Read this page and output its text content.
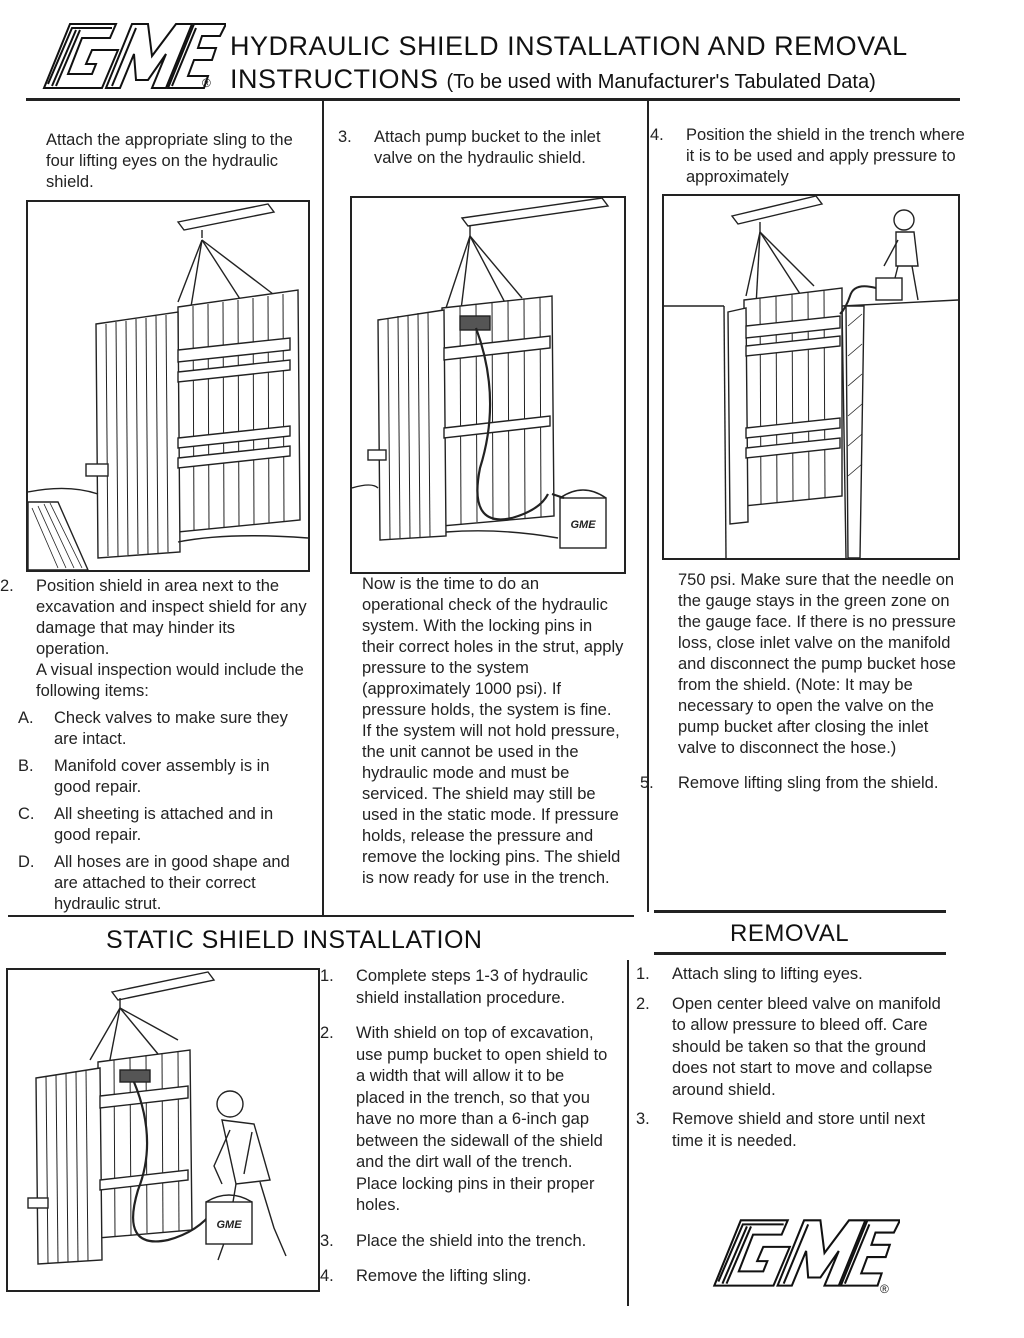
®
HYDRAULIC SHIELD INSTALLATION AND REMOVAL
INSTRUCTIONS (To be used with Manufacturer's Tabulated Data)

Attach the appropriate sling to the four lifting eyes on the hydraulic shield.

3. Attach pump bucket to the inlet valve on the hydraulic shield.

4. Position the shield in the trench where it is to be used and apply pressure to approximately

GME

2. Position shield in area next to the excavation and inspect shield for any damage that may hinder its operation.

A visual inspection would include the following items:

A. Check valves to make sure they are intact.

B. Manifold cover assembly is in good repair.

C. All sheeting is attached and in good repair.

D. All hoses are in good shape and are attached to their correct hydraulic strut.

Now is the time to do an operational check of the hydraulic system. With the locking pins in their correct holes in the strut, apply pressure to the system (approximately 1000 psi). If pressure holds, the system is fine. If the system will not hold pressure, the unit cannot be used in the hydraulic mode and must be serviced. The shield may still be used in the static mode. If pressure holds, release the pressure and remove the locking pins. The shield is now ready for use in the trench.

750 psi. Make sure that the needle on the gauge stays in the green zone on the gauge face. If there is no pressure loss, close inlet valve on the manifold and disconnect the pump bucket hose from the shield. (Note: It may be necessary to open the valve on the pump bucket after closing the inlet valve to disconnect the hose.)

5. Remove lifting sling from the shield.

STATIC SHIELD INSTALLATION	REMOVAL
GME

1. Complete steps 1-3 of hydraulic shield installation procedure.

2. With shield on top of excavation, use pump bucket to open shield to a width that will allow it to be placed in the trench, so that you have no more than a 6-inch gap between the sidewall of the shield and the dirt wall of the trench. Place locking pins in their proper holes.

3. Place the shield into the trench.

4. Remove the lifting sling.

1. Attach sling to lifting eyes.

2. Open center bleed valve on manifold to allow pressure to bleed off. Care should be taken so that the ground does not start to move and collapse around shield.

3. Remove shield and store until next time it is needed.

®
